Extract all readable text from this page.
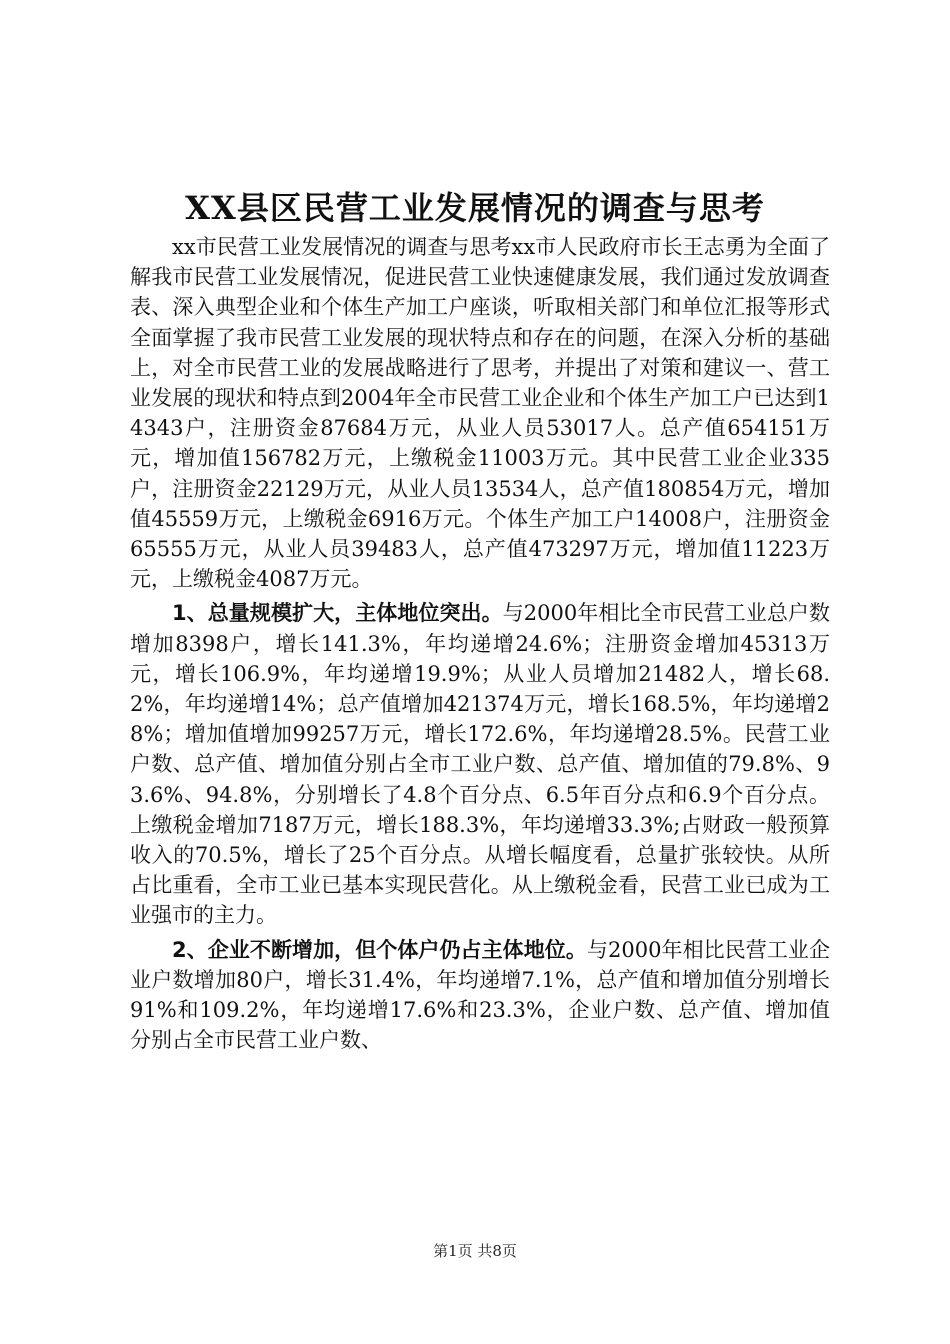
XX县区民营工业发展情况的调查与思考

xx市民营工业发展情况的调查与思考xx市人民政府市长王志勇为全面了解我市民营工业发展情况，促进民营工业快速健康发展，我们通过发放调查表、深入典型企业和个体生产加工户座谈，听取相关部门和单位汇报等形式全面掌握了我市民营工业发展的现状特点和存在的问题，在深入分析的基础上，对全市民营工业的发展战略进行了思考，并提出了对策和建议一、营工业发展的现状和特点到2004年全市民营工业企业和个体生产加工户已达到14343户，注册资金87684万元，从业人员53017人。总产值654151万元，增加值156782万元，上缴税金11003万元。其中民营工业企业335户，注册资金22129万元，从业人员13534人，总产值180854万元，增加值45559万元，上缴税金6916万元。个体生产加工户14008户，注册资金65555万元，从业人员39483人，总产值473297万元，增加值11223万元，上缴税金4087万元。

1、总量规模扩大，主体地位突出。与2000年相比全市民营工业总户数增加8398户，增长141.3%，年均递增24.6%；注册资金增加45313万元，增长106.9%，年均递增19.9%；从业人员增加21482人，增长68.2%，年均递增14%；总产值增加421374万元，增长168.5%，年均递增28%；增加值增加99257万元，增长172.6%，年均递增28.5%。民营工业户数、总产值、增加值分别占全市工业户数、总产值、增加值的79.8%、93.6%、94.8%，分别增长了4.8个百分点、6.5年百分点和6.9个百分点。上缴税金增加7187万元，增长188.3%，年均递增33.3%;占财政一般预算收入的70.5%，增长了25个百分点。从增长幅度看，总量扩张较快。从所占比重看，全市工业已基本实现民营化。从上缴税金看，民营工业已成为工业强市的主力。

2、企业不断增加，但个体户仍占主体地位。与2000年相比民营工业企业户数增加80户，增长31.4%，年均递增7.1%，总产值和增加值分别增长91%和109.2%，年均递增17.6%和23.3%，企业户数、总产值、增加值分别占全市民营工业户数、

第1页 共8页
